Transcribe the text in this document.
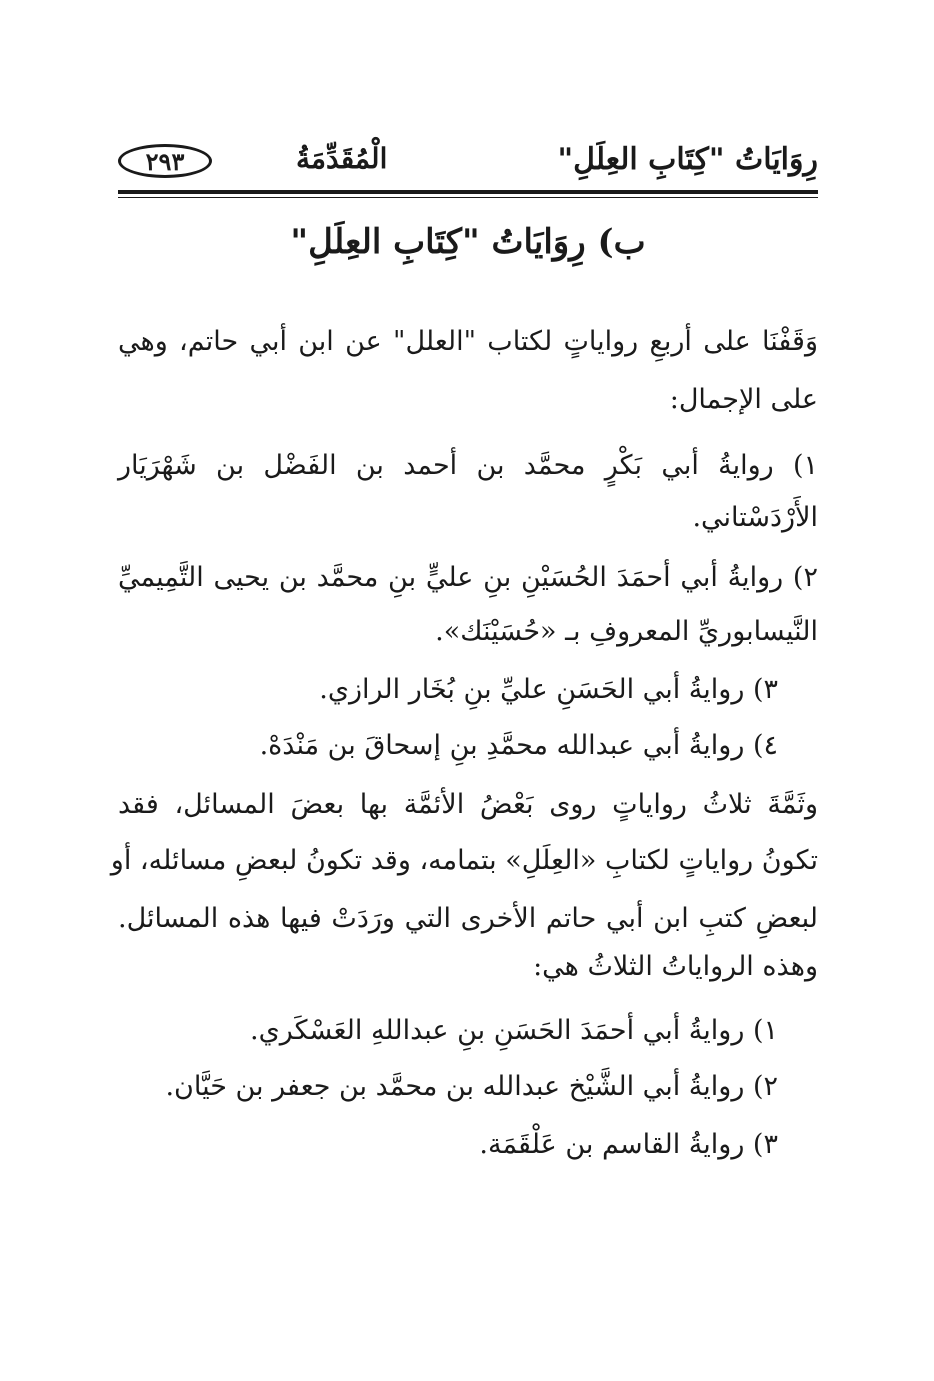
رِوَايَاتُ "كِتَابِ العِلَلِ"
الْمُقَدِّمَةُ
٢٩٣
ب) رِوَايَاتُ "كِتَابِ العِلَلِ"
وَقَفْنَا على أربعِ رواياتٍ لكتاب "العلل" عن ابن أبي حاتم، وهي
على الإجمال:
١) روايةُ أبي بَكْرٍ محمَّد بن أحمد بن الفَضْل بن شَهْرَيَار
الأَرْدَسْتاني.
٢) روايةُ أبي أحمَدَ الحُسَيْنِ بنِ عليٍّ بنِ محمَّد بن يحيى التَّمِيميِّ
النَّيسابوريِّ المعروفِ بـ «حُسَيْنَك».
٣) روايةُ أبي الحَسَنِ عليِّ بنِ بُخَار الرازي.
٤) روايةُ أبي عبدالله محمَّدِ بنِ إسحاقَ بن مَنْدَهْ.
وثَمَّةَ ثلاثُ رواياتٍ روى بَعْضُ الأئمَّة بها بعضَ المسائل، فقد
تكونُ رواياتٍ لكتابِ «العِلَلِ» بتمامه، وقد تكونُ لبعضِ مسائله، أو
لبعضِ كتبِ ابن أبي حاتم الأخرى التي ورَدَتْ فيها هذه المسائل.
وهذه الرواياتُ الثلاثُ هي:
١) روايةُ أبي أحمَدَ الحَسَنِ بنِ عبداللهِ العَسْكَري.
٢) روايةُ أبي الشَّيْخ عبدالله بن محمَّد بن جعفر بن حَيَّان.
٣) روايةُ القاسم بن عَلْقَمَة.
